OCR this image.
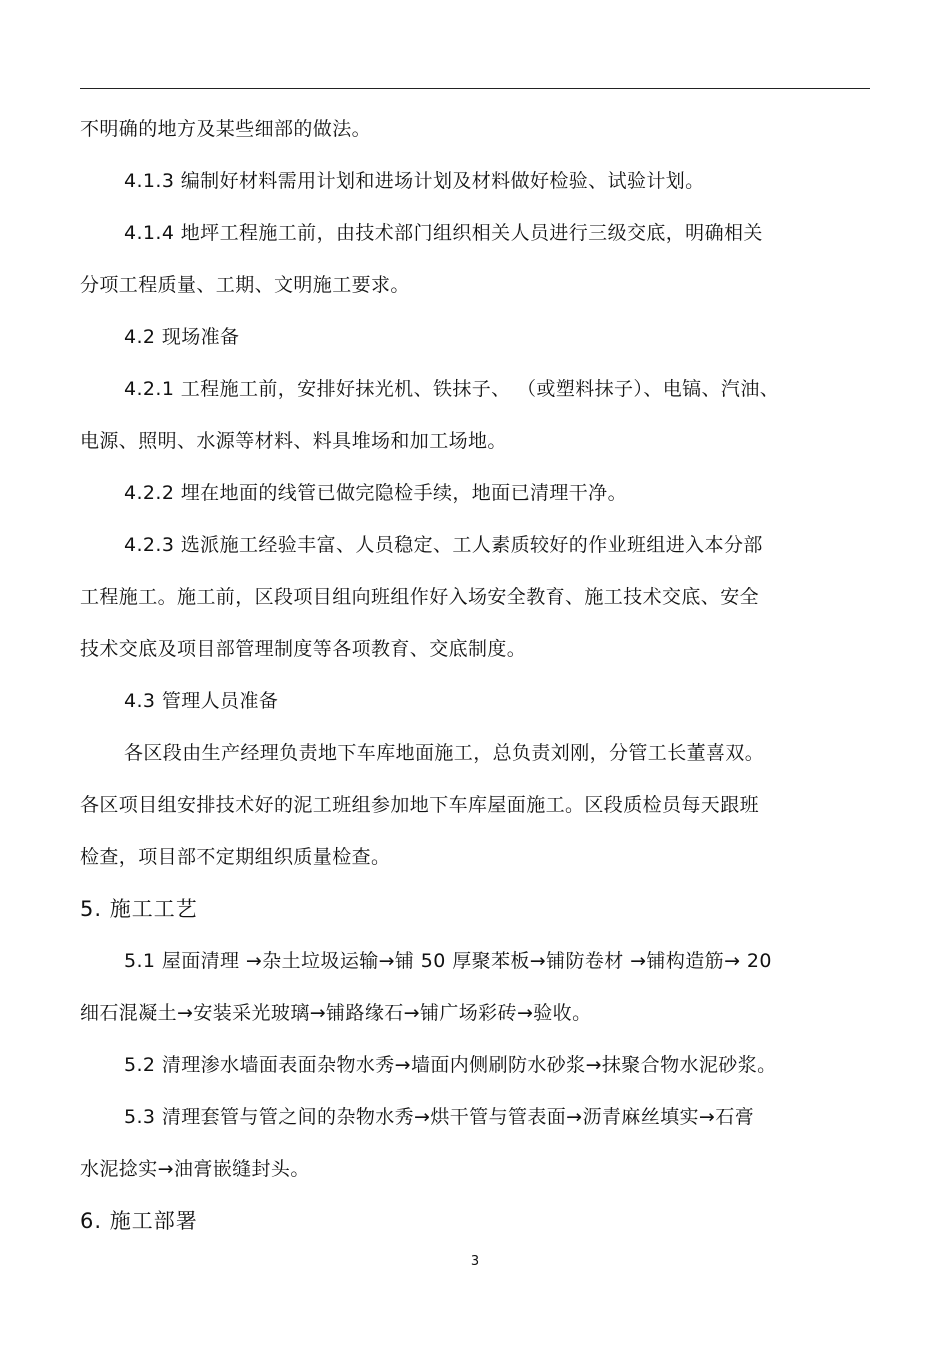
不明确的地方及某些细部的做法。
4.1.3 编制好材料需用计划和进场计划及材料做好检验、试验计划。
4.1.4 地坪工程施工前，由技术部门组织相关人员进行三级交底，明确相关
分项工程质量、工期、文明施工要求。
4.2 现场准备
4.2.1 工程施工前，安排好抹光机、铁抹子、 （或塑料抹子）、电镐、汽油、
电源、照明、水源等材料、料具堆场和加工场地。
4.2.2 埋在地面的线管已做完隐检手续，地面已清理干净。
4.2.3 选派施工经验丰富、人员稳定、工人素质较好的作业班组进入本分部
工程施工。施工前，区段项目组向班组作好入场安全教育、施工技术交底、安全
技术交底及项目部管理制度等各项教育、交底制度。
4.3 管理人员准备
各区段由生产经理负责地下车库地面施工，总负责刘刚，分管工长董喜双。
各区项目组安排技术好的泥工班组参加地下车库屋面施工。区段质检员每天跟班
检查，项目部不定期组织质量检查。
5. 施工工艺
5.1 屋面清理 →杂土垃圾运输→铺 50 厚聚苯板→铺防卷材 →铺构造筋→ 20
细石混凝土→安装采光玻璃→铺路缘石→铺广场彩砖→验收。
5.2 清理渗水墙面表面杂物水秀→墙面内侧刷防水砂浆→抹聚合物水泥砂浆。
5.3 清理套管与管之间的杂物水秀→烘干管与管表面→沥青麻丝填实→石膏
水泥捻实→油膏嵌缝封头。
6. 施工部署
3
